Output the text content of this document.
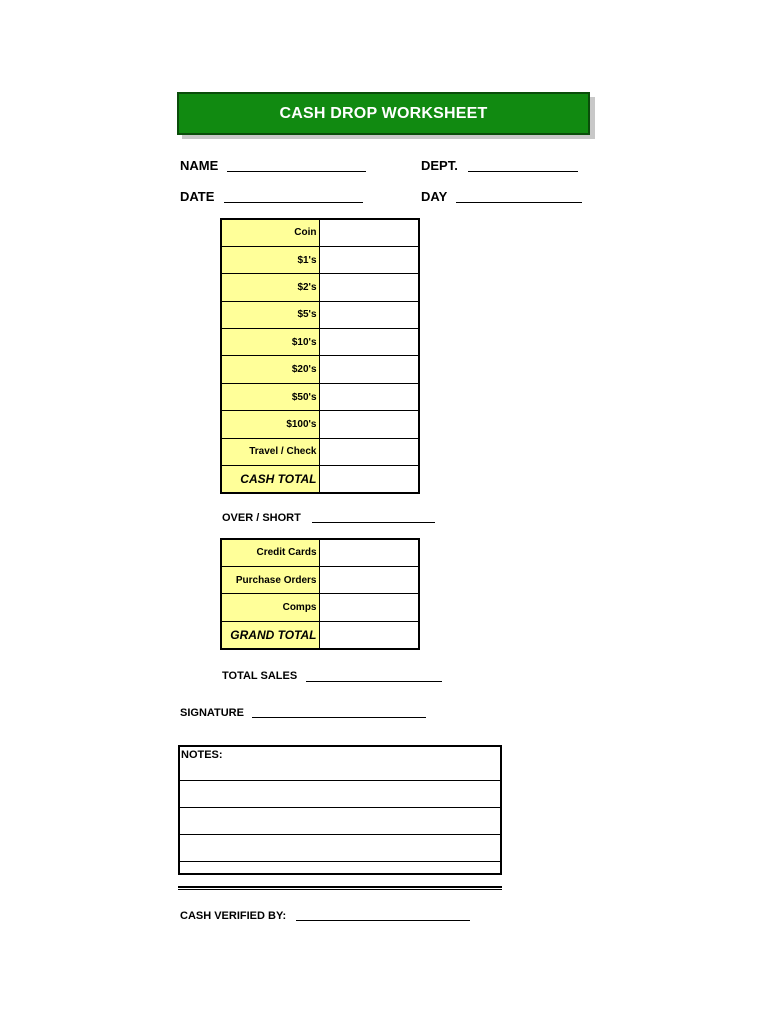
CASH DROP WORKSHEET
NAME	DEPT.
DATE	DAY
Coin	
$1's	
$2's	
$5's	
$10's	
$20's	
$50's	
$100's	
Travel / Check	
CASH TOTAL	
OVER / SHORT
Credit Cards	
Purchase Orders	
Comps	
GRAND TOTAL	
TOTAL SALES
SIGNATURE
NOTES:
CASH VERIFIED BY:
